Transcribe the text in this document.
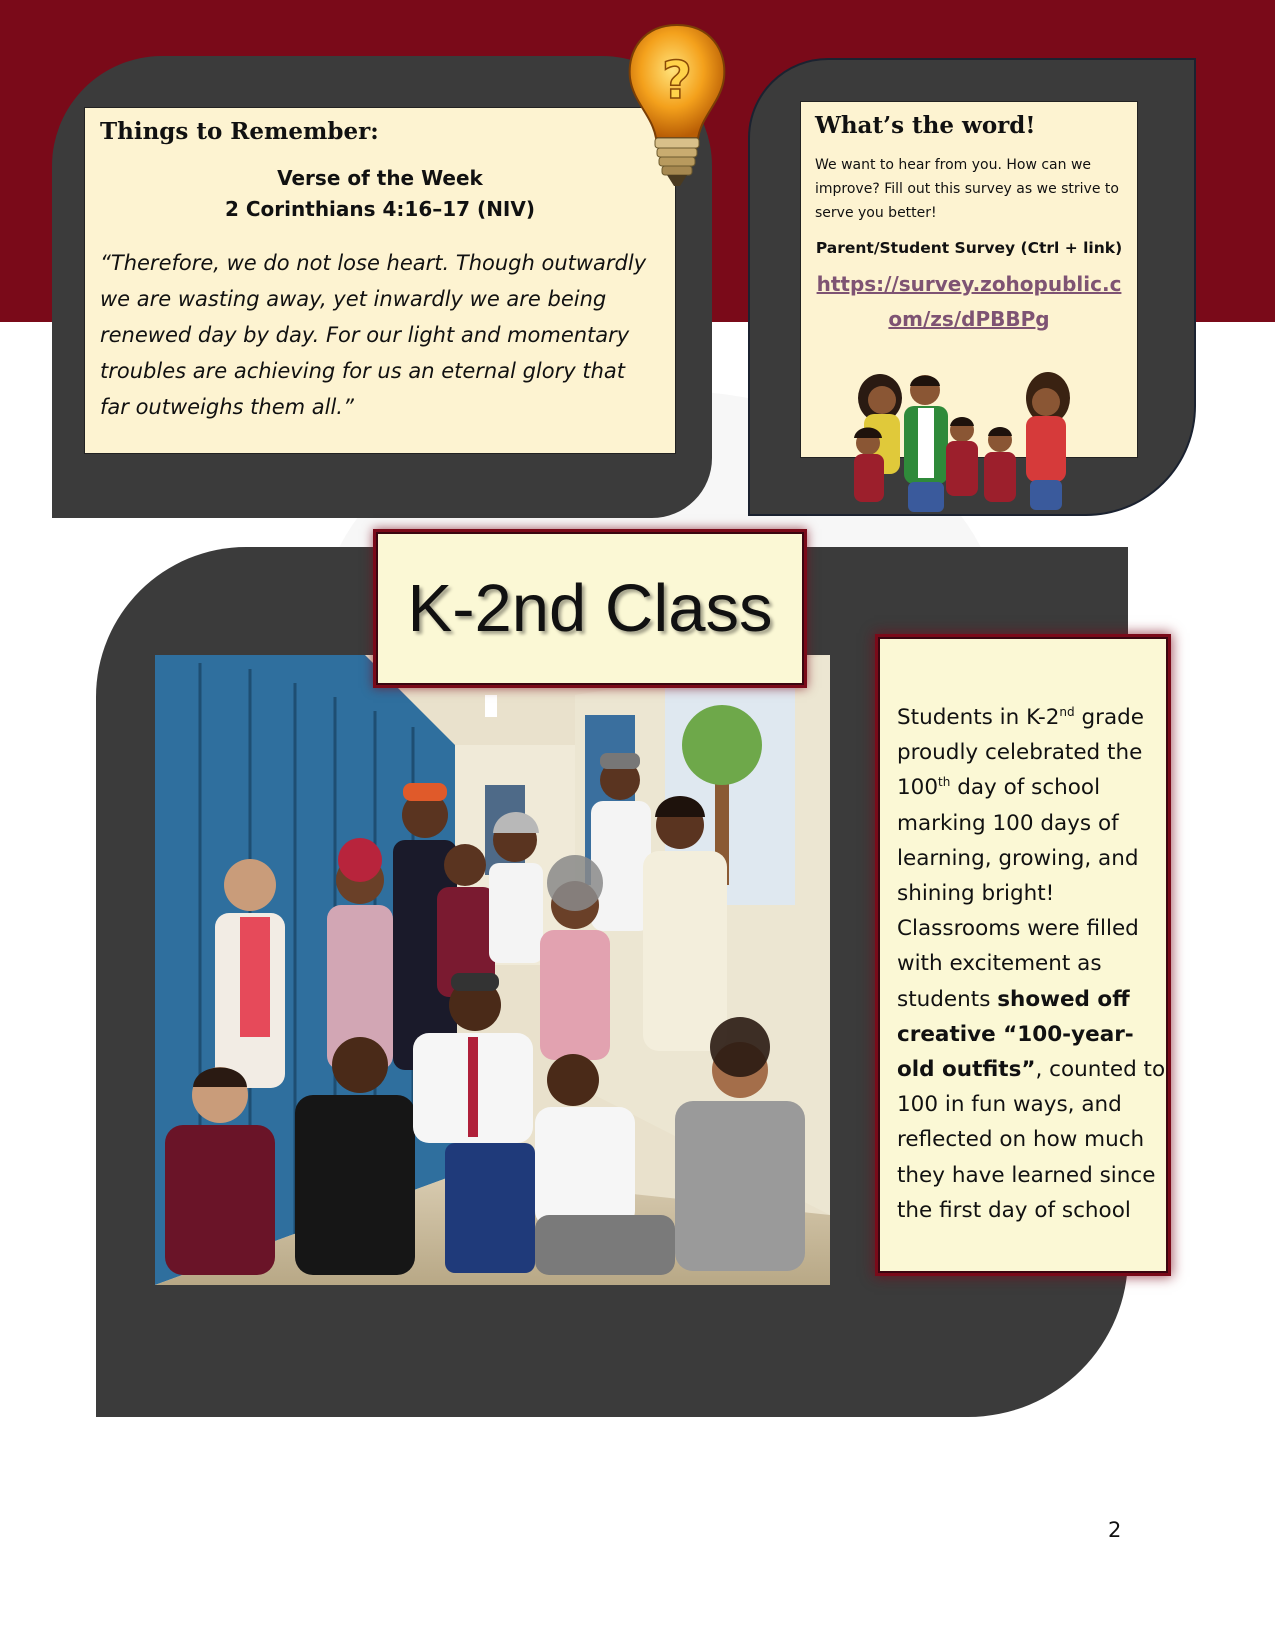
Things to Remember:
Verse of the Week
2 Corinthians 4:16–17 (NIV)
“Therefore, we do not lose heart. Though outwardly we are wasting away, yet inwardly we are being renewed day by day. For our light and momentary troubles are achieving for us an eternal glory that far outweighs them all.”
?
What’s the word!
We want to hear from you. How can we improve? Fill out this survey as we strive to serve you better!
Parent/Student Survey (Ctrl + link)
https://survey.zohopublic.com/zs/dPBBPg
K-2nd Class
Students in K-2nd grade proudly celebrated the 100th day of school marking 100 days of learning, growing, and shining bright! Classrooms were filled with excitement as students showed off creative “100-year-old outfits”, counted to 100 in fun ways, and reflected on how much they have learned since the first day of school
2
